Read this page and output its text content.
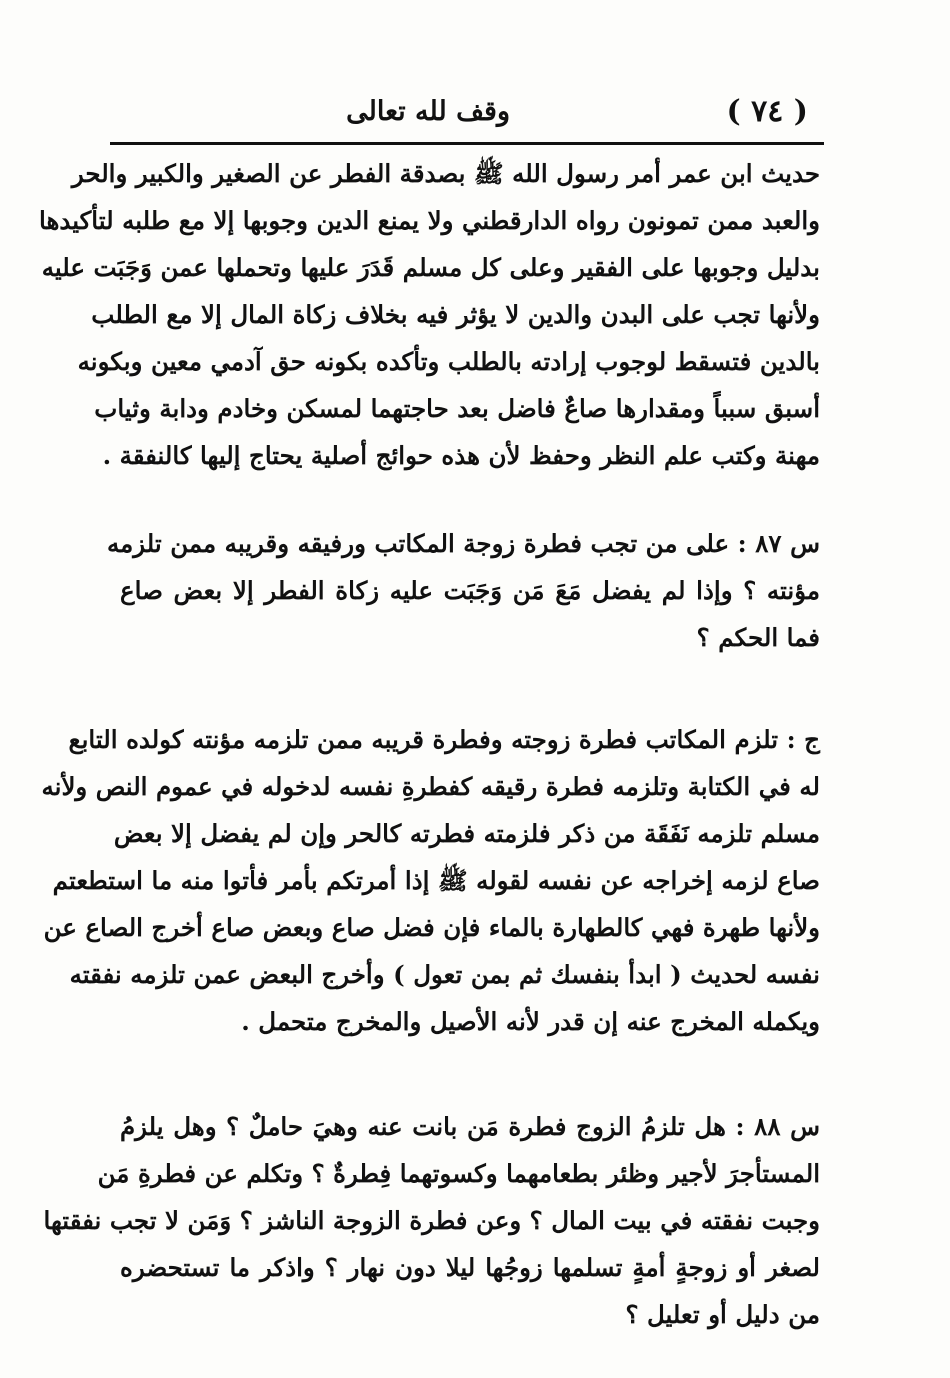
( ٧٤ )
وقف لله تعالى
حديث ابن عمر أمر رسول الله ﷺ بصدقة الفطر عن الصغير والكبير والحر
والعبد ممن تمونون رواه الدارقطني ولا يمنع الدين وجوبها إلا مع طلبه لتأكيدها
بدليل وجوبها على الفقير وعلى كل مسلم قَدَرَ عليها وتحملها عمن وَجَبَت عليه
ولأنها تجب على البدن والدين لا يؤثر فيه بخلاف زكاة المال إلا مع الطلب
بالدين فتسقط لوجوب إرادته بالطلب وتأكده بكونه حق آدمي معين وبكونه
أسبق سبباً ومقدارها صاعٌ فاضل بعد حاجتهما لمسكن وخادم ودابة وثياب
مهنة وكتب علم النظر وحفظ لأن هذه حوائج أصلية يحتاج إليها كالنفقة .
س ٨٧ : على من تجب فطرة زوجة المكاتب ورفيقه وقريبه ممن تلزمه
مؤنته ؟ وإذا لم يفضل مَعَ مَن وَجَبَت عليه زكاة الفطر إلا بعض صاع
فما الحكم ؟
ج : تلزم المكاتب فطرة زوجته وفطرة قريبه ممن تلزمه مؤنته كولده التابع
له في الكتابة وتلزمه فطرة رقيقه كفطرةِ نفسه لدخوله في عموم النص ولأنه
مسلم تلزمه نَفَقَة من ذكر فلزمته فطرته كالحر وإن لم يفضل إلا بعض
صاع لزمه إخراجه عن نفسه لقوله ﷺ إذا أمرتكم بأمر فأتوا منه ما استطعتم
ولأنها طهرة فهي كالطهارة بالماء فإن فضل صاع وبعض صاع أخرج الصاع عن
نفسه لحديث ( ابدأ بنفسك ثم بمن تعول ) وأخرج البعض عمن تلزمه نفقته
ويكمله المخرج عنه إن قدر لأنه الأصيل والمخرج متحمل .
س ٨٨ : هل تلزمُ الزوج فطرة مَن بانت عنه وهيَ حاملٌ ؟ وهل يلزمُ
المستأجرَ لأجير وظئر بطعامهما وكسوتهما فِطرةٌ ؟ وتكلم عن فطرةِ مَن
وجبت نفقته في بيت المال ؟ وعن فطرة الزوجة الناشز ؟ وَمَن لا تجب نفقتها
لصغر أو زوجةٍ أمةٍ تسلمها زوجُها ليلا دون نهار ؟ واذكر ما تستحضره
من دليل أو تعليل ؟
